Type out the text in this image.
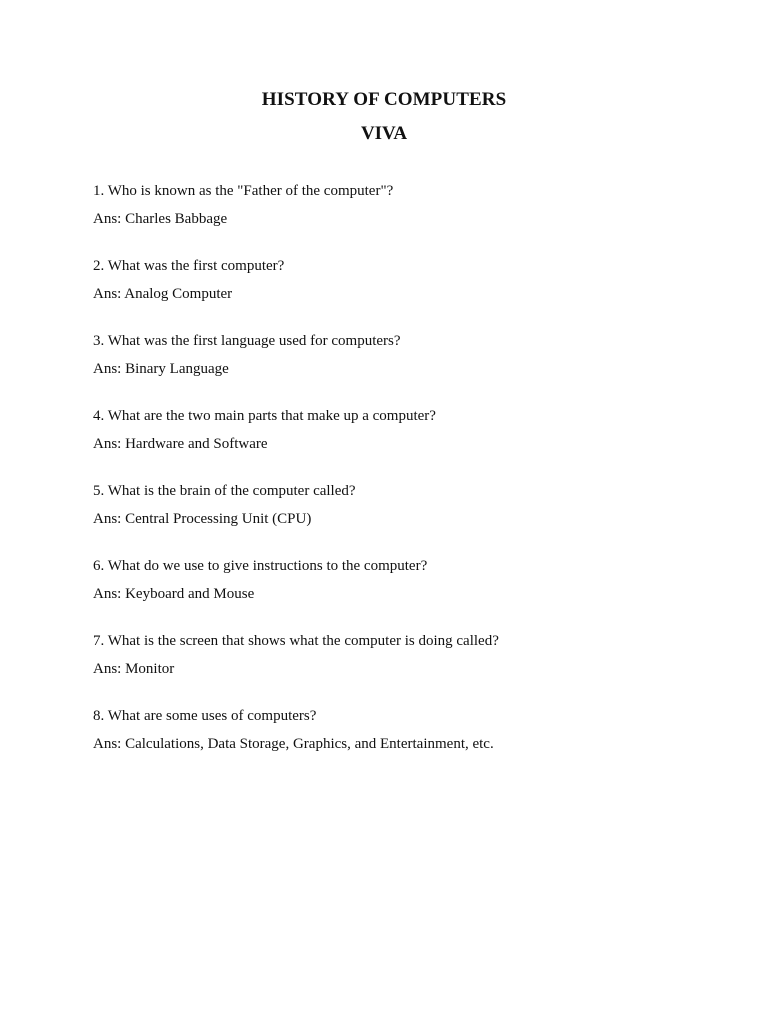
HISTORY OF COMPUTERS
VIVA

1. Who is known as the "Father of the computer"?

Ans: Charles Babbage

2. What was the first computer?

Ans: Analog Computer

3. What was the first language used for computers?

Ans: Binary Language

4. What are the two main parts that make up a computer?

Ans: Hardware and Software

5. What is the brain of the computer called?

Ans: Central Processing Unit (CPU)

6. What do we use to give instructions to the computer?

Ans: Keyboard and Mouse

7. What is the screen that shows what the computer is doing called?

Ans: Monitor

8. What are some uses of computers?

Ans: Calculations, Data Storage, Graphics, and Entertainment, etc.
